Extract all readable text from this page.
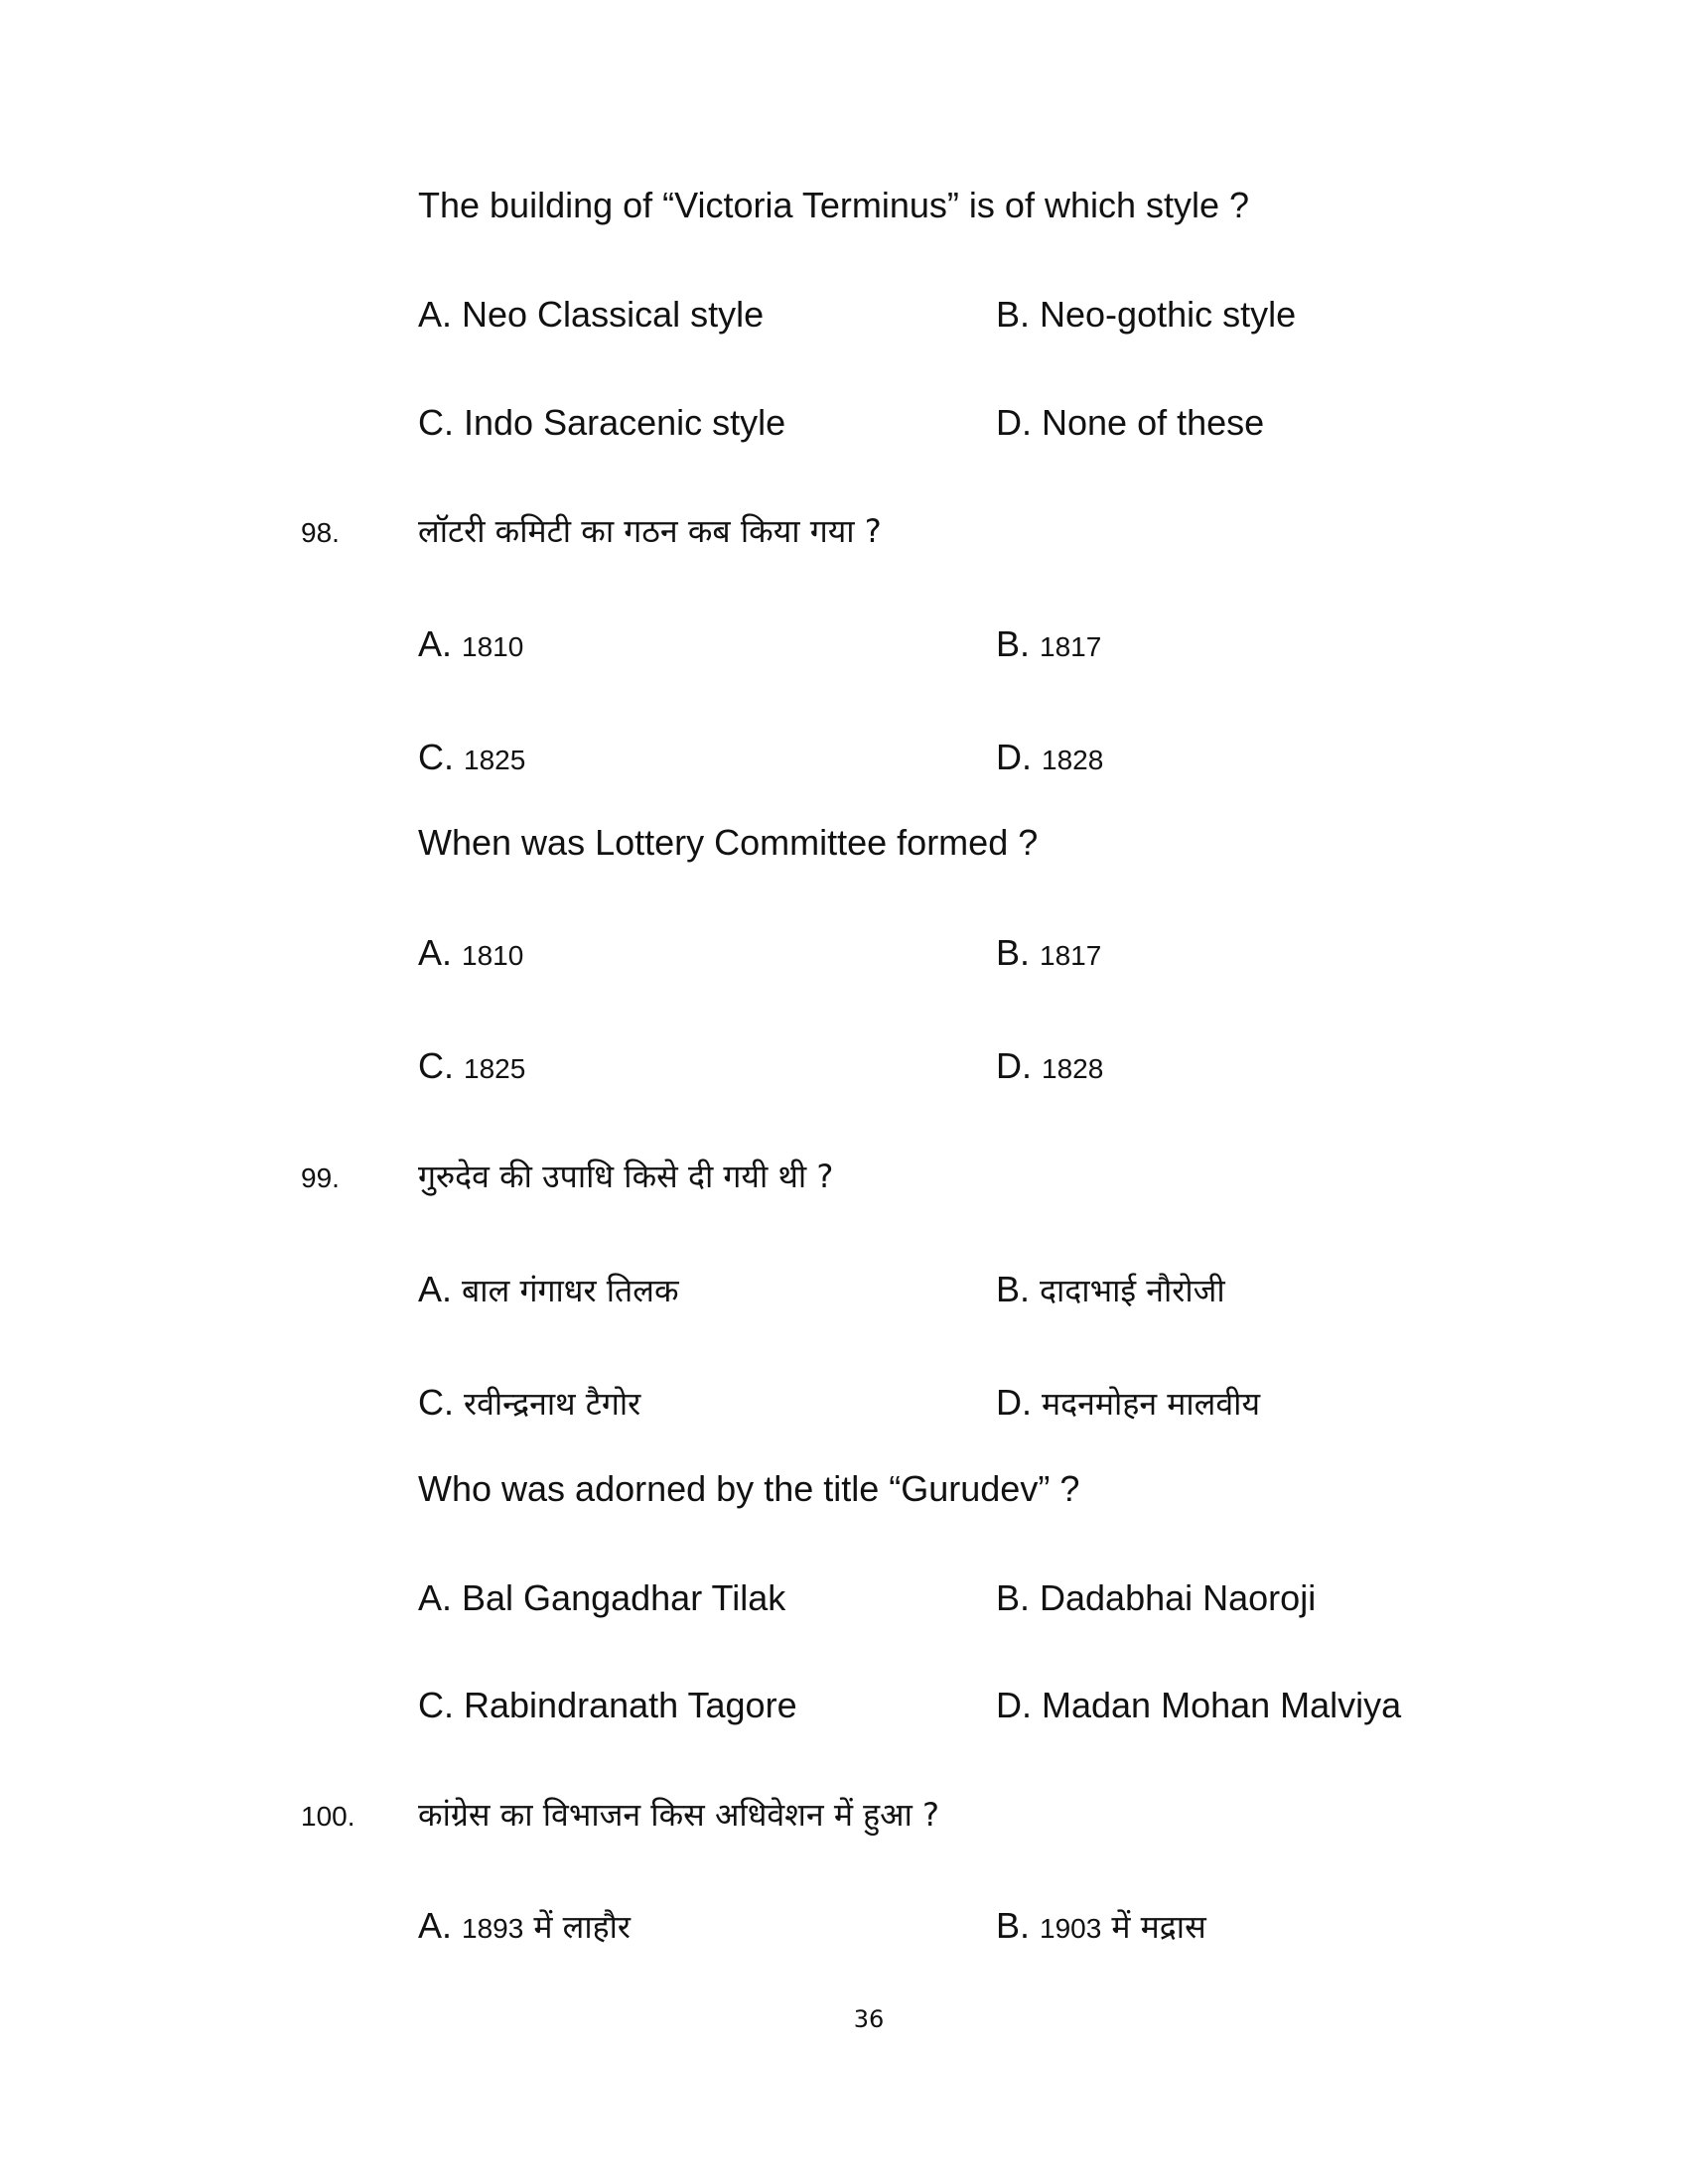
The building of “Victoria Terminus” is of which style ?
A. Neo Classical style	B. Neo-gothic style
C. Indo Saracenic style	D. None of these
98. लॉटरी कमिटी का गठन कब किया गया ?
A. 1810	B. 1817
C. 1825	D. 1828
When was Lottery Committee formed ?
A. 1810	B. 1817
C. 1825	D. 1828
99. गुरुदेव की उपाधि किसे दी गयी थी ?
A. बाल गंगाधर तिलक	B. दादाभाई नौरोजी
C. रवीन्द्रनाथ टैगोर	D. मदनमोहन मालवीय
Who was adorned by the title “Gurudev” ?
A. Bal Gangadhar Tilak	B. Dadabhai Naoroji
C. Rabindranath Tagore	D. Madan Mohan Malviya
100. कांग्रेस का विभाजन किस अधिवेशन में हुआ ?
A. 1893 में लाहौर	B. 1903 में मद्रास
36
